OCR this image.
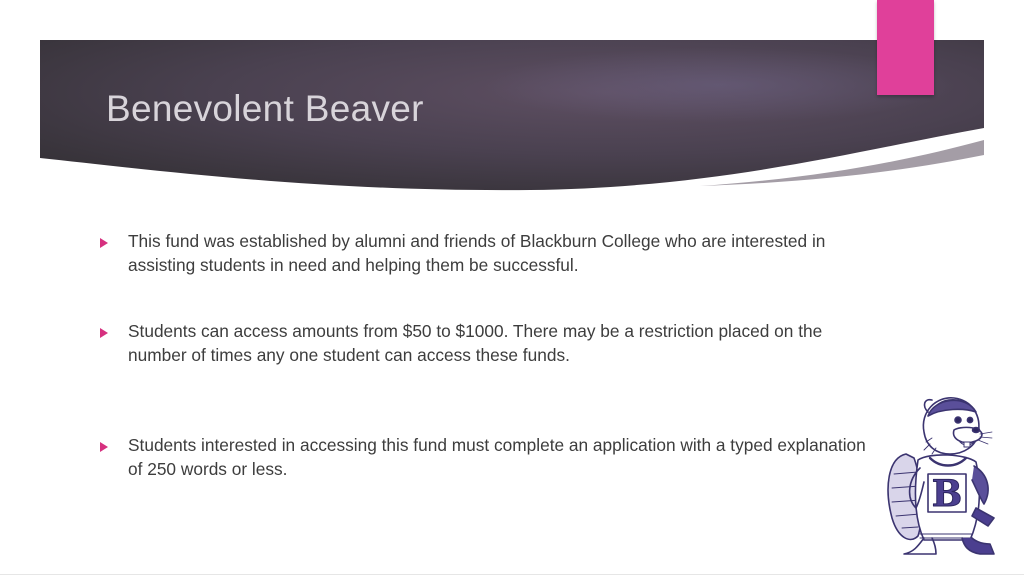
Benevolent Beaver
This fund was established by alumni and friends of Blackburn College who are interested in assisting students in need and helping them be successful.
Students can access amounts from $50 to $1000. There may be a restriction placed on the number of times any one student can access these funds.
Students interested in accessing this fund must complete an application with a typed explanation of 250 words or less.
B
